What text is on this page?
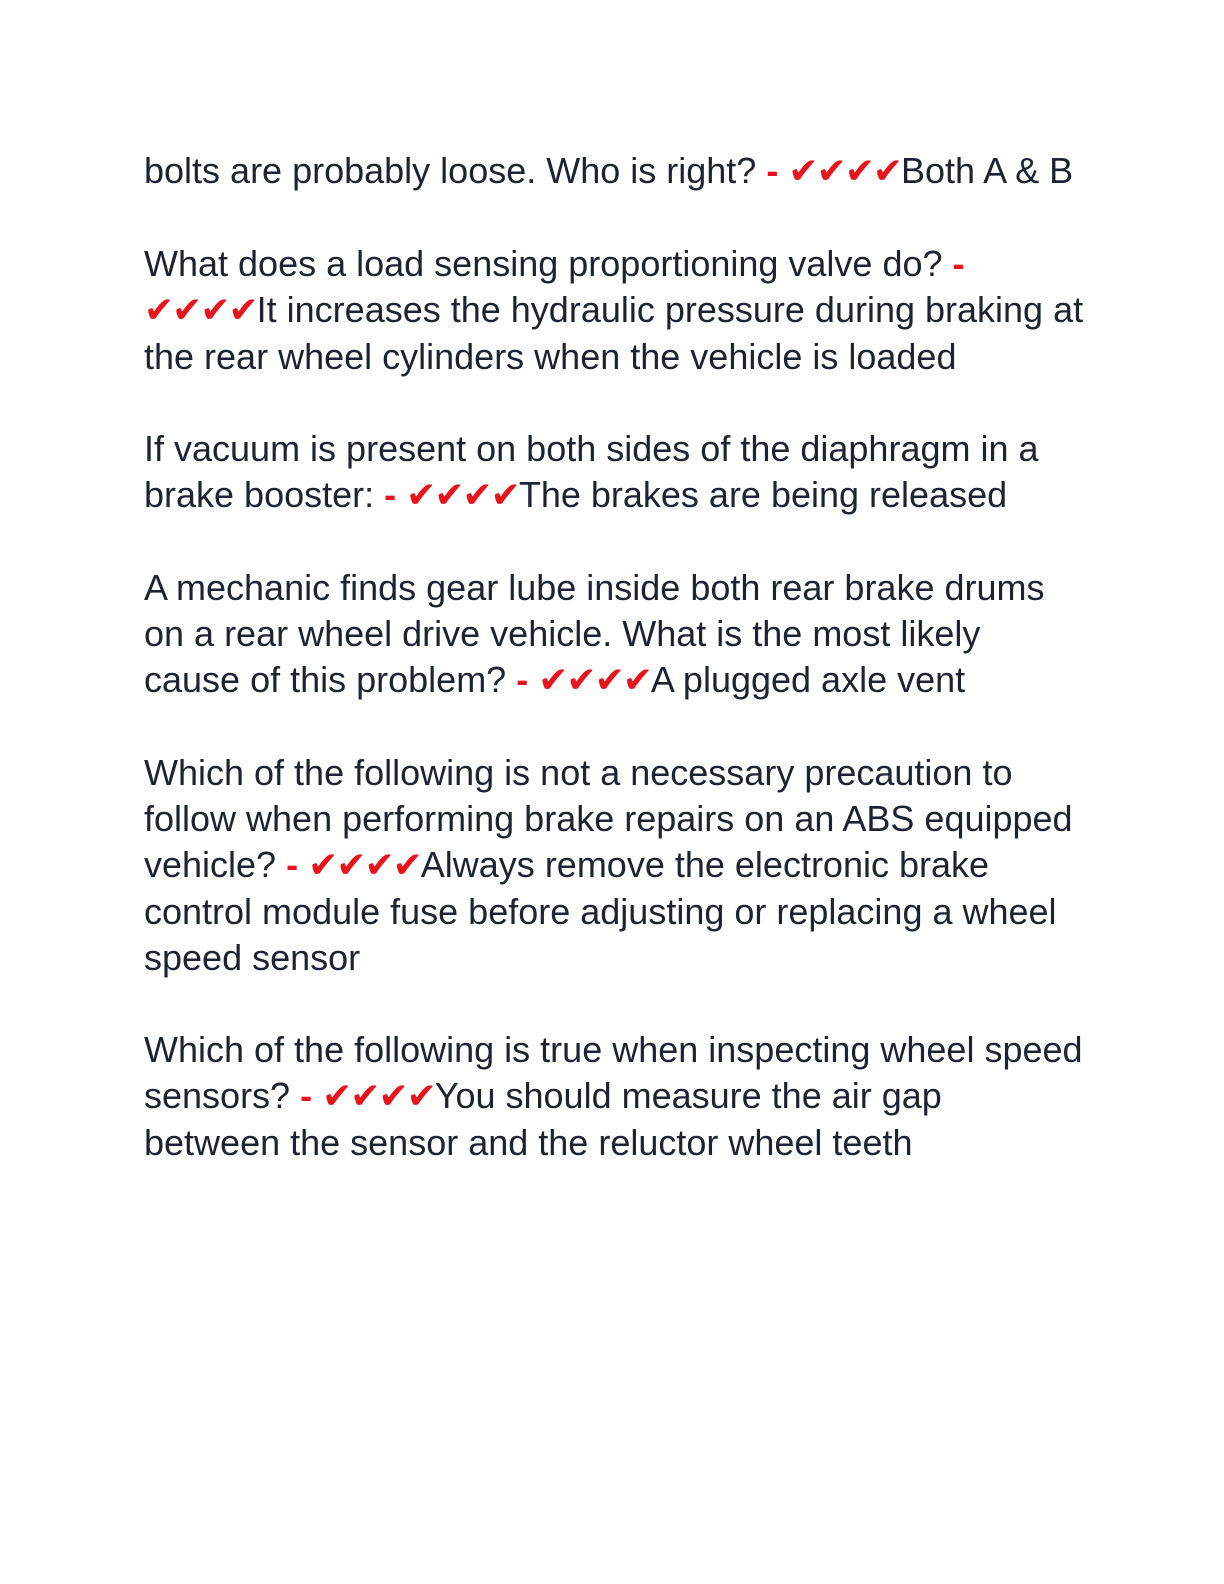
bolts are probably loose. Who is right? - ✔✔✔✔Both A & B

What does a load sensing proportioning valve do? - ✔✔✔✔It increases the hydraulic pressure during braking at the rear wheel cylinders when the vehicle is loaded

If vacuum is present on both sides of the diaphragm in a brake booster: - ✔✔✔✔The brakes are being released

A mechanic finds gear lube inside both rear brake drums on a rear wheel drive vehicle. What is the most likely cause of this problem? - ✔✔✔✔A plugged axle vent

Which of the following is not a necessary precaution to follow when performing brake repairs on an ABS equipped vehicle? - ✔✔✔✔Always remove the electronic brake control module fuse before adjusting or replacing a wheel speed sensor

Which of the following is true when inspecting wheel speed sensors? - ✔✔✔✔You should measure the air gap between the sensor and the reluctor wheel teeth
